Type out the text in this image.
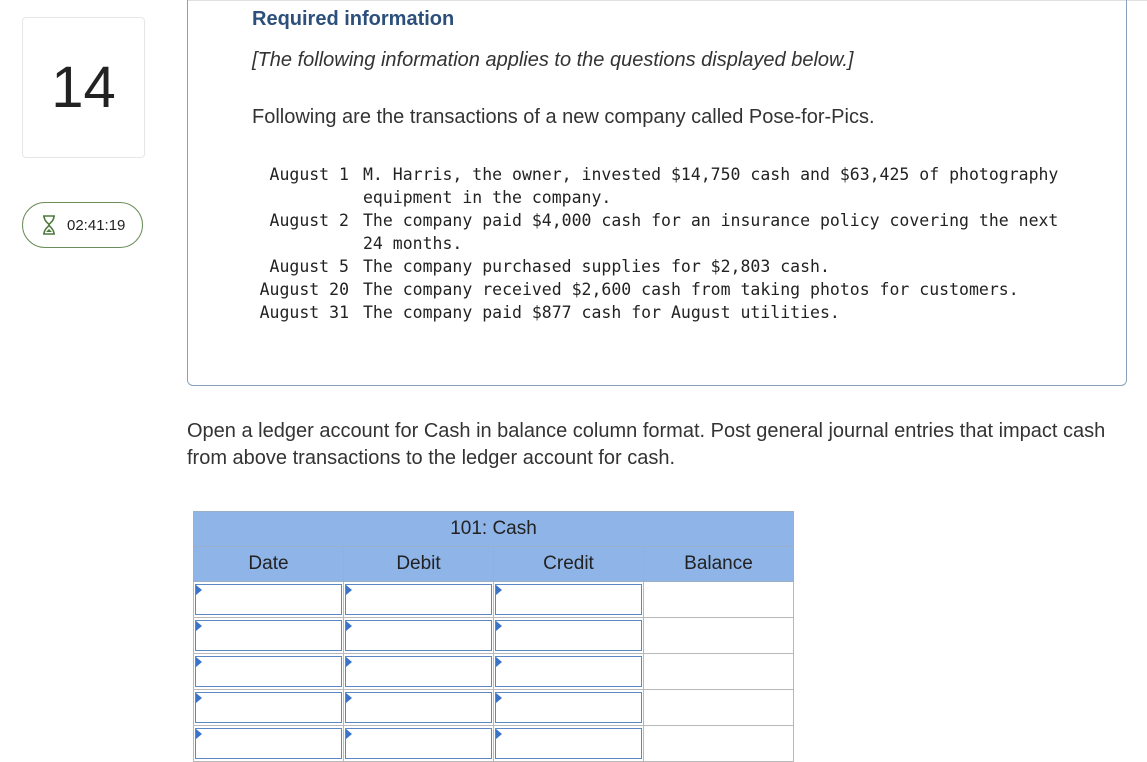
14
02:41:19
Required information
[The following information applies to the questions displayed below.]
Following are the transactions of a new company called Pose-for-Pics.
August 1	M. Harris, the owner, invested $14,750 cash and $63,425 of photography equipment in the company.
August 2	The company paid $4,000 cash for an insurance policy covering the next 24 months.
August 5	The company purchased supplies for $2,803 cash.
August 20	The company received $2,600 cash from taking photos for customers.
August 31	The company paid $877 cash for August utilities.
Open a ledger account for Cash in balance column format. Post general journal entries that impact cash from above transactions to the ledger account for cash.
101: Cash			
Date	Debit	Credit	Balance
